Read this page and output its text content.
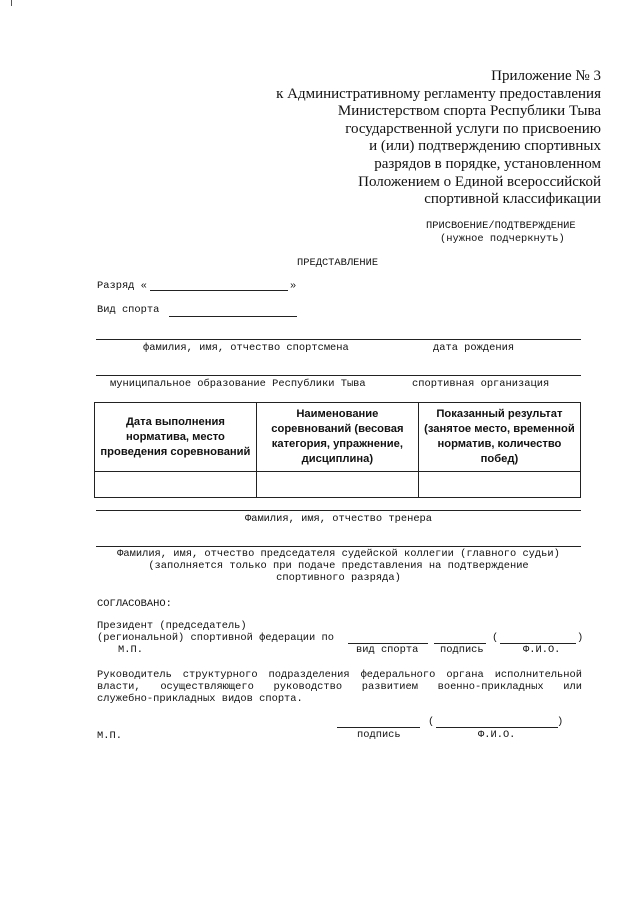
Приложение № 3
к Административному регламенту предоставления
Министерством спорта Республики Тыва
государственной услуги по присвоению
и (или) подтверждению спортивных
разрядов в порядке, установленном
Положением о Единой всероссийской
спортивной классификации
ПРИСВОЕНИЕ/ПОДТВЕРЖДЕНИЕ
(нужное подчеркнуть)
ПРЕДСТАВЛЕНИЕ
Разряд «	»
Вид спорта
фамилия, имя, отчество спортсмена	дата рождения
муниципальное образование Республики Тыва	спортивная организация
Дата выполнения норматива, место проведения соревнований	Наименование соревнований (весовая категория, упражнение, дисциплина)	Показанный результат (занятое место, временной норматив, количество побед)

Фамилия, имя, отчество тренера
Фамилия, имя, отчество председателя судейской коллегии (главного судьи)
(заполняется только при подаче представления на подтверждение
спортивного разряда)
СОГЛАСОВАНО:
Президент (председатель)
(региональной) спортивной федерации по	(	)
М.П.	вид спорта подпись	Ф.И.О.
Руководитель структурного подразделения федерального органа исполнительной
власти, осуществляющего руководство развитием военно-прикладных или
служебно-прикладных видов спорта.
(	)
М.П.	подпись	Ф.И.О.
